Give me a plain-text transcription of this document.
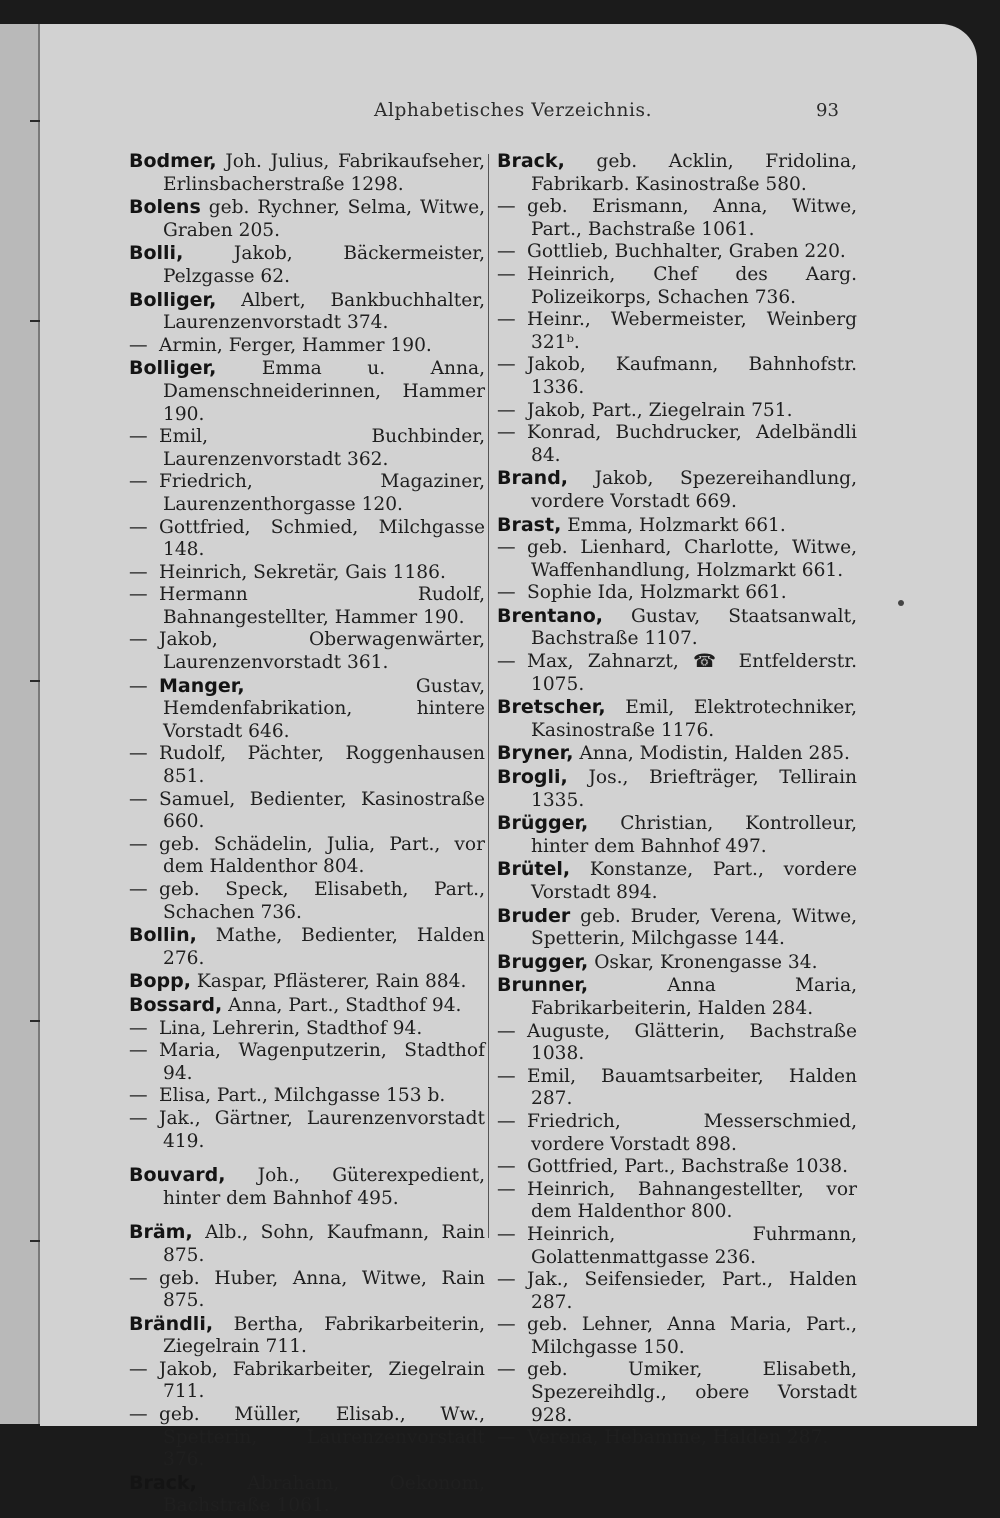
Alphabetisches Verzeichnis.	93
Bodmer, Joh. Julius, Fabrikaufseher, Erlinsbacherstraße 1298.
Bolens geb. Rychner, Selma, Witwe, Graben 205.
Bolli,	Jakob, Bäckermeister, Pelzgasse 62.
Bolliger, Albert, Bankbuchhalter, Laurenzenvorstadt 374.
— Armin, Ferger, Hammer 190.
Bolliger, Emma u. Anna, Damenschneiderinnen, Hammer 190.
— Emil, Buchbinder, Laurenzenvorstadt 362.
— Friedrich, Magaziner, Laurenzenthorgasse 120.
— Gottfried, Schmied, Milchgasse 148.
— Heinrich, Sekretär, Gais 1186.
— Hermann Rudolf, Bahnangestellter, Hammer 190.
— Jakob, Oberwagenwärter, Laurenzenvorstadt 361.
— Manger,	Gustav, Hemdenfabrikation, hintere Vorstadt 646.
— Rudolf, Pächter, Roggenhausen 851.
— Samuel, Bedienter, Kasinostraße 660.
— geb. Schädelin, Julia, Part., vor dem Haldenthor 804.
— geb. Speck, Elisabeth, Part., Schachen 736.
Bollin, Mathe, Bedienter, Halden 276.
Bopp, Kaspar, Pflästerer, Rain 884.
Bossard, Anna, Part., Stadthof 94.
— Lina, Lehrerin, Stadthof 94.
— Maria, Wagenputzerin, Stadthof 94.
— Elisa, Part., Milchgasse 153 b.
— Jak., Gärtner, Laurenzenvorstadt 419.
Bouvard, Joh., Güterexpedient, hinter dem Bahnhof 495.
Bräm, Alb., Sohn, Kaufmann, Rain 875.
— geb. Huber, Anna, Witwe, Rain 875.
Brändli, Bertha, Fabrikarbeiterin, Ziegelrain 711.
— Jakob, Fabrikarbeiter, Ziegelrain 711.
— geb. Müller, Elisab., Ww., Spetterin, Laurenzenvorstadt 376.
Brack,	Abraham, Oekonom, Bachstraße 1061.
Brack, geb. Acklin, Fridolina, Fabrikarb. Kasinostraße 580.
— geb. Erismann, Anna, Witwe, Part., Bachstraße 1061.
— Gottlieb, Buchhalter, Graben 220.
— Heinrich, Chef des Aarg. Polizeikorps, Schachen 736.
— Heinr., Webermeister, Weinberg 321ᵇ.
— Jakob, Kaufmann, Bahnhofstr. 1336.
— Jakob, Part., Ziegelrain 751.
— Konrad, Buchdrucker, Adelbändli 84.
Brand, Jakob, Spezereihandlung, vordere Vorstadt 669.
Brast, Emma, Holzmarkt 661.
— geb. Lienhard, Charlotte, Witwe, Waffenhandlung, Holzmarkt 661.
— Sophie Ida, Holzmarkt 661.
Brentano, Gustav, Staatsanwalt, Bachstraße 1107.
— Max, Zahnarzt, ☎ Entfelderstr. 1075.
Bretscher, Emil, Elektrotechniker, Kasinostraße 1176.
Bryner, Anna, Modistin, Halden 285.
Brogli, Jos., Briefträger, Tellirain 1335.
Brügger, Christian, Kontrolleur, hinter dem Bahnhof 497.
Brütel, Konstanze, Part., vordere Vorstadt 894.
Bruder geb. Bruder, Verena, Witwe, Spetterin, Milchgasse 144.
Brugger, Oskar, Kronengasse 34.
Brunner,	Anna Maria, Fabrikarbeiterin, Halden 284.
— Auguste, Glätterin, Bachstraße 1038.
— Emil, Bauamtsarbeiter, Halden 287.
— Friedrich, Messerschmied, vordere Vorstadt 898.
— Gottfried, Part., Bachstraße 1038.
— Heinrich, Bahnangestellter, vor dem Haldenthor 800.
— Heinrich, Fuhrmann, Golattenmattgasse 236.
— Jak., Seifensieder, Part., Halden 287.
— geb. Lehner, Anna Maria, Part., Milchgasse 150.
— geb. Umiker, Elisabeth, Spezereihdlg., obere Vorstadt 928.
— Verena, Hebamme, Halden 287.
